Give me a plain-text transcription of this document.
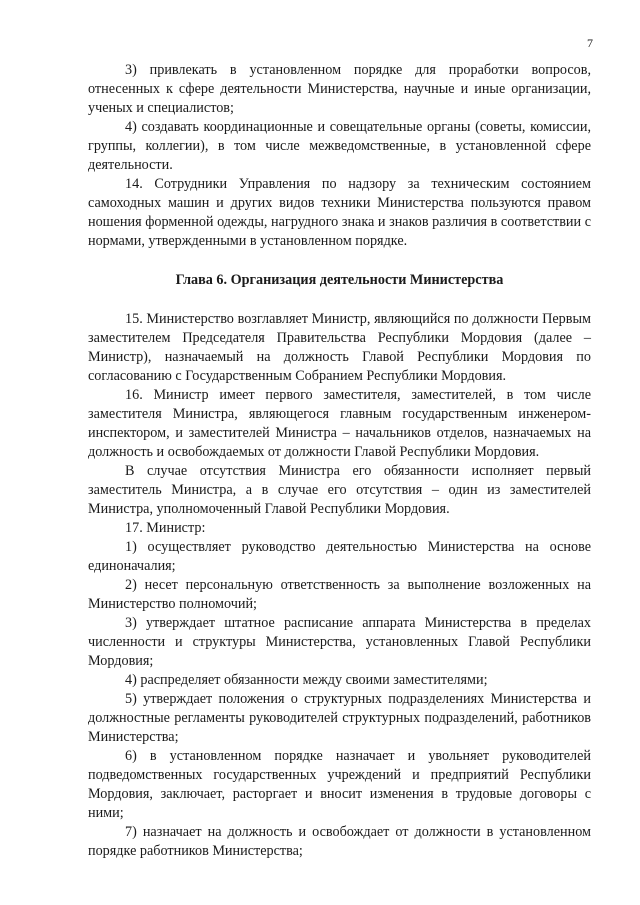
7

3) привлекать в установленном порядке для проработки вопросов, отнесенных к сфере деятельности Министерства, научные и иные организации, ученых и специалистов;

4) создавать координационные и совещательные органы (советы, комиссии, группы, коллегии), в том числе межведомственные, в установленной сфере деятельности.

14. Сотрудники Управления по надзору за техническим состоянием самоходных машин и других видов техники Министерства пользуются правом ношения форменной одежды, нагрудного знака и знаков различия в соответствии с нормами, утвержденными в установленном порядке.

Глава 6. Организация деятельности Министерства

15. Министерство возглавляет Министр, являющийся по должности Первым заместителем Председателя Правительства Республики Мордовия (далее – Министр), назначаемый на должность Главой Республики Мордовия по согласованию с Государственным Собранием Республики Мордовия.

16. Министр имеет первого заместителя, заместителей, в том числе заместителя Министра, являющегося главным государственным инженером-инспектором, и заместителей Министра – начальников отделов, назначаемых на должность и освобождаемых от должности Главой Республики Мордовия.

В случае отсутствия Министра его обязанности исполняет первый заместитель Министра, а в случае его отсутствия – один из заместителей Министра, уполномоченный Главой Республики Мордовия.

17. Министр:

1) осуществляет руководство деятельностью Министерства на основе единоначалия;

2) несет персональную ответственность за выполнение возложенных на Министерство полномочий;

3) утверждает штатное расписание аппарата Министерства в пределах численности и структуры Министерства, установленных Главой Республики Мордовия;

4) распределяет обязанности между своими заместителями;

5) утверждает положения о структурных подразделениях Министерства и должностные регламенты руководителей структурных подразделений, работников Министерства;

6) в установленном порядке назначает и увольняет руководителей подведомственных государственных учреждений и предприятий Республики Мордовия, заключает, расторгает и вносит изменения в трудовые договоры с ними;

7) назначает на должность и освобождает от должности в установленном порядке работников Министерства;
